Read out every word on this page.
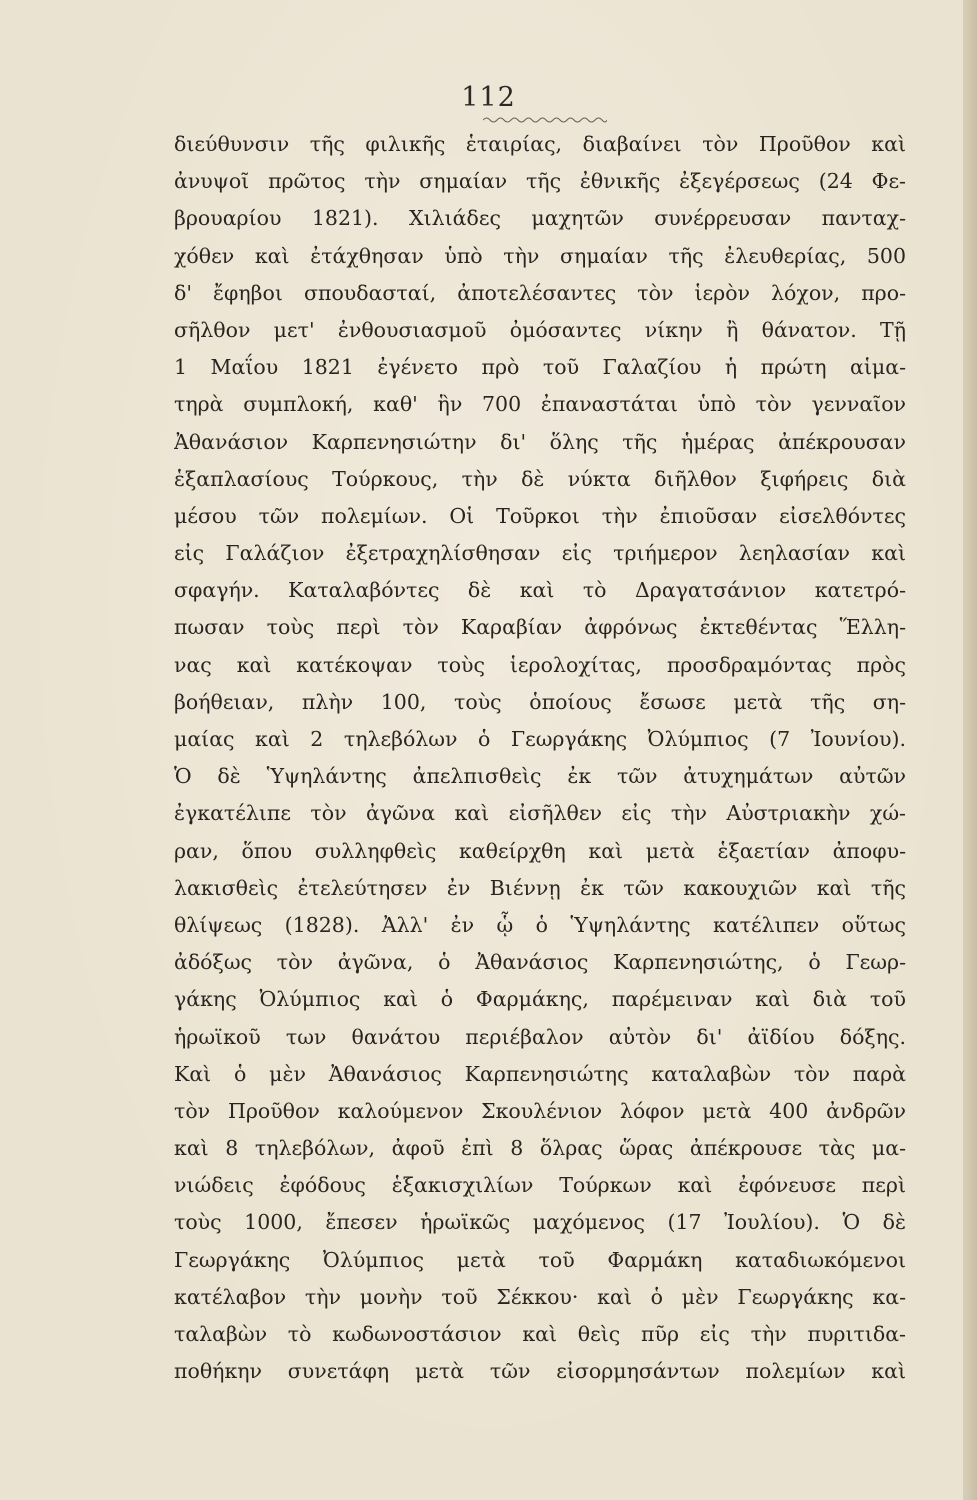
112
διεύθυνσιν τῆς φιλικῆς ἑταιρίας, διαβαίνει τὸν Προῦθον καὶ
ἀνυψοῖ πρῶτος τὴν σημαίαν τῆς ἐθνικῆς ἐξεγέρσεως (24 Φε-
βρουαρίου 1821). Χιλιάδες μαχητῶν συνέρρευσαν πανταχ-
χόθεν καὶ ἐτάχθησαν ὑπὸ τὴν σημαίαν τῆς ἐλευθερίας, 500
δ' ἔφηβοι σπουδασταί, ἀποτελέσαντες τὸν ἱερὸν λόχον, προ-
σῆλθον μετ' ἐνθουσιασμοῦ ὀμόσαντες νίκην ἢ θάνατον. Τῇ
1 Μαΐου 1821 ἐγένετο πρὸ τοῦ Γαλαζίου ἡ πρώτη αἱμα-
τηρὰ συμπλοκή, καθ' ἣν 700 ἐπαναστάται ὑπὸ τὸν γενναῖον
Ἀθανάσιον Καρπενησιώτην δι' ὅλης τῆς ἡμέρας ἀπέκρουσαν
ἑξαπλασίους Τούρκους, τὴν δὲ νύκτα διῆλθον ξιφήρεις διὰ
μέσου τῶν πολεμίων. Οἱ Τοῦρκοι τὴν ἐπιοῦσαν εἰσελθόντες
εἰς Γαλάζιον ἐξετραχηλίσθησαν εἰς τριήμερον λεηλασίαν καὶ
σφαγήν. Καταλαβόντες δὲ καὶ τὸ Δραγατσάνιον κατετρό-
πωσαν τοὺς περὶ τὸν Καραβίαν ἀφρόνως ἐκτεθέντας Ἕλλη-
νας καὶ κατέκοψαν τοὺς ἱερολοχίτας, προσδραμόντας πρὸς
βοήθειαν, πλὴν 100, τοὺς ὁποίους ἔσωσε μετὰ τῆς ση-
μαίας καὶ 2 τηλεβόλων ὁ Γεωργάκης Ὀλύμπιος (7 Ἰουνίου).
Ὁ δὲ Ὑψηλάντης ἀπελπισθεὶς ἐκ τῶν ἀτυχημάτων αὐτῶν
ἐγκατέλιπε τὸν ἀγῶνα καὶ εἰσῆλθεν εἰς τὴν Αὐστριακὴν χώ-
ραν, ὅπου συλληφθεὶς καθείρχθη καὶ μετὰ ἑξαετίαν ἀποφυ-
λακισθεὶς ἐτελεύτησεν ἐν Βιέννῃ ἐκ τῶν κακουχιῶν καὶ τῆς
θλίψεως (1828). Ἀλλ' ἐν ᾧ ὁ Ὑψηλάντης κατέλιπεν οὕτως
ἀδόξως τὸν ἀγῶνα, ὁ Ἀθανάσιος Καρπενησιώτης, ὁ Γεωρ-
γάκης Ὀλύμπιος καὶ ὁ Φαρμάκης, παρέμειναν καὶ διὰ τοῦ
ἡρωϊκοῦ των θανάτου περιέβαλον αὐτὸν δι' ἀϊδίου δόξης.
Καὶ ὁ μὲν Ἀθανάσιος Καρπενησιώτης καταλαβὼν τὸν παρὰ
τὸν Προῦθον καλούμενον Σκουλένιον λόφον μετὰ 400 ἀνδρῶν
καὶ 8 τηλεβόλων, ἀφοῦ ἐπὶ 8 ὅλρας ὥρας ἀπέκρουσε τὰς μα-
νιώδεις ἐφόδους ἑξακισχιλίων Τούρκων καὶ ἐφόνευσε περὶ
τοὺς 1000, ἔπεσεν ἡρωϊκῶς μαχόμενος (17 Ἰουλίου). Ὁ δὲ
Γεωργάκης Ὀλύμπιος μετὰ τοῦ Φαρμάκη καταδιωκόμενοι
κατέλαβον τὴν μονὴν τοῦ Σέκκου· καὶ ὁ μὲν Γεωργάκης κα-
ταλαβὼν τὸ κωδωνοστάσιον καὶ θεὶς πῦρ εἰς τὴν πυριτιδα-
ποθήκην συνετάφη μετὰ τῶν εἰσορμησάντων πολεμίων καὶ
